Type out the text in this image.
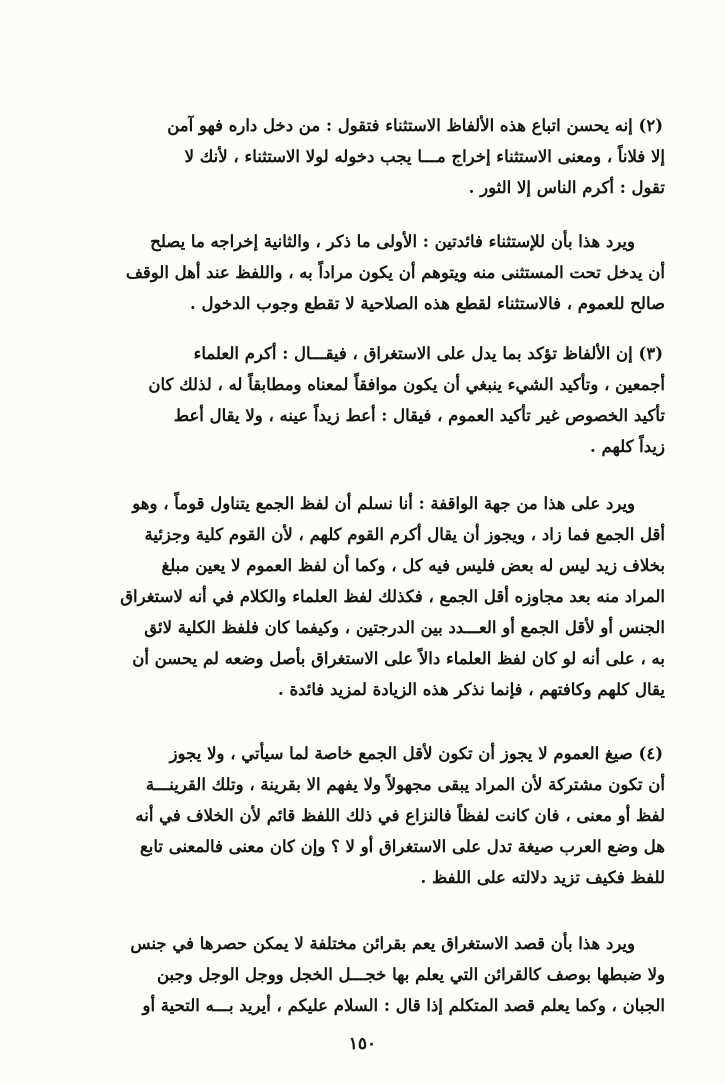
(٢) إنه يحسن اتباع هذه الألفاظ الاستثناء فتقول : من دخل داره فهو آمن
إلا فلاناً ، ومعنى الاستثناء إخراج مـــا يجب دخوله لولا الاستثناء ، لأنك لا
تقول : أكرم الناس إلا الثور .
ويرد هذا بأن للإستثناء فائدتين : الأولى ما ذكر ، والثانية إخراجه ما يصلح
أن يدخل تحت المستثنى منه ويتوهم أن يكون مراداً به ، واللفظ عند أهل الوقف
صالح للعموم ، فالاستثناء لقطع هذه الصلاحية لا تقطع وجوب الدخول .
(٣) إن الألفاظ تؤكد بما يدل على الاستغراق ، فيقـــال : أكرم العلماء
أجمعين ، وتأكيد الشيء ينبغي أن يكون موافقاً لمعناه ومطابقاً له ، لذلك كان
تأكيد الخصوص غير تأكيد العموم ، فيقال : أعط زيداً عينه ، ولا يقال أعط
زيداً كلهم .
ويرد على هذا من جهة الواقفة : أنا نسلم أن لفظ الجمع يتناول قوماً ، وهو
أقل الجمع فما زاد ، ويجوز أن يقال أكرم القوم كلهم ، لأن القوم كلية وجزئية
بخلاف زيد ليس له بعض فليس فيه كل ، وكما أن لفظ العموم لا يعين مبلغ
المراد منه بعد مجاوزه أقل الجمع ، فكذلك لفظ العلماء والكلام في أنه لاستغراق
الجنس أو لأقل الجمع أو العـــدد بين الدرجتين ، وكيفما كان فلفظ الكلية لائق
به ، على أنه لو كان لفظ العلماء دالاً على الاستغراق بأصل وضعه لم يحسن أن
يقال كلهم وكافتهم ، فإنما نذكر هذه الزيادة لمزيد فائدة .
(٤) صيغ العموم لا يجوز أن تكون لأقل الجمع خاصة لما سيأتي ، ولا يجوز
أن تكون مشتركة لأن المراد يبقى مجهولاً ولا يفهم الا بقرينة ، وتلك القرينـــة
لفظ أو معنى ، فان كانت لفظاً فالنزاع في ذلك اللفظ قائم لأن الخلاف في أنه
هل وضع العرب صيغة تدل على الاستغراق أو لا ؟ وإن كان معنى فالمعنى تابع
للفظ فكيف تزيد دلالته على اللفظ .
ويرد هذا بأن قصد الاستغراق يعم بقرائن مختلفة لا يمكن حصرها في جنس
ولا ضبطها بوصف كالقرائن التي يعلم بها خجـــل الخجل ووجل الوجل وجبن
الجبان ، وكما يعلم قصد المتكلم إذا قال : السلام عليكم ، أيريد بـــه التحية أو
١٥٠
